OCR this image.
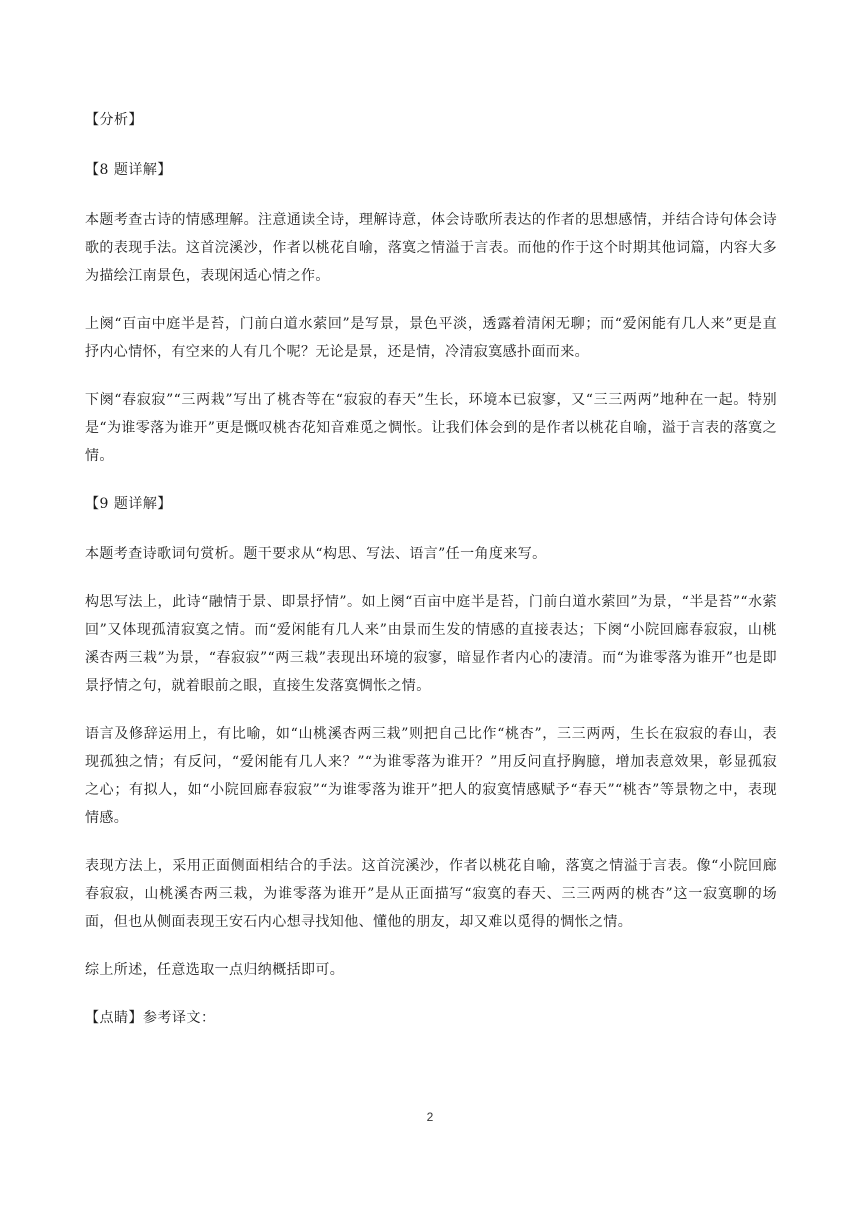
【分析】
【8 题详解】
本题考查古诗的情感理解。注意通读全诗，理解诗意，体会诗歌所表达的作者的思想感情，并结合诗句体会诗歌的表现手法。这首浣溪沙，作者以桃花自喻，落寞之情溢于言表。而他的作于这个时期其他词篇，内容大多为描绘江南景色，表现闲适心情之作。
上阕“百亩中庭半是苔，门前白道水萦回”是写景，景色平淡，透露着清闲无聊；而“爱闲能有几人来”更是直抒内心情怀，有空来的人有几个呢？无论是景，还是情，冷清寂寞感扑面而来。
下阕“春寂寂”“三两栽”写出了桃杏等在“寂寂的春天”生长，环境本已寂寥，又“三三两两”地种在一起。特别是“为谁零落为谁开”更是慨叹桃杏花知音难觅之惆怅。让我们体会到的是作者以桃花自喻，溢于言表的落寞之情。
【9 题详解】
本题考查诗歌词句赏析。题干要求从“构思、写法、语言”任一角度来写。
构思写法上，此诗“融情于景、即景抒情”。如上阕“百亩中庭半是苔，门前白道水萦回”为景，“半是苔”“水萦回”又体现孤清寂寞之情。而“爱闲能有几人来”由景而生发的情感的直接表达；下阕“小院回廊春寂寂，山桃溪杏两三栽”为景，“春寂寂”“两三栽”表现出环境的寂寥，暗显作者内心的凄清。而“为谁零落为谁开”也是即景抒情之句，就着眼前之眼，直接生发落寞惆怅之情。
语言及修辞运用上，有比喻，如“山桃溪杏两三栽”则把自己比作“桃杏”，三三两两，生长在寂寂的春山，表现孤独之情；有反问，“爱闲能有几人来？”“为谁零落为谁开？”用反问直抒胸臆，增加表意效果，彰显孤寂之心；有拟人，如“小院回廊春寂寂”“为谁零落为谁开”把人的寂寞情感赋予“春天”“桃杏”等景物之中，表现情感。
表现方法上，采用正面侧面相结合的手法。这首浣溪沙，作者以桃花自喻，落寞之情溢于言表。像“小院回廊春寂寂，山桃溪杏两三栽，为谁零落为谁开”是从正面描写“寂寞的春天、三三两两的桃杏”这一寂寞聊的场面，但也从侧面表现王安石内心想寻找知他、懂他的朋友，却又难以觅得的惆怅之情。
综上所述，任意选取一点归纳概括即可。
【点睛】参考译文：
2
